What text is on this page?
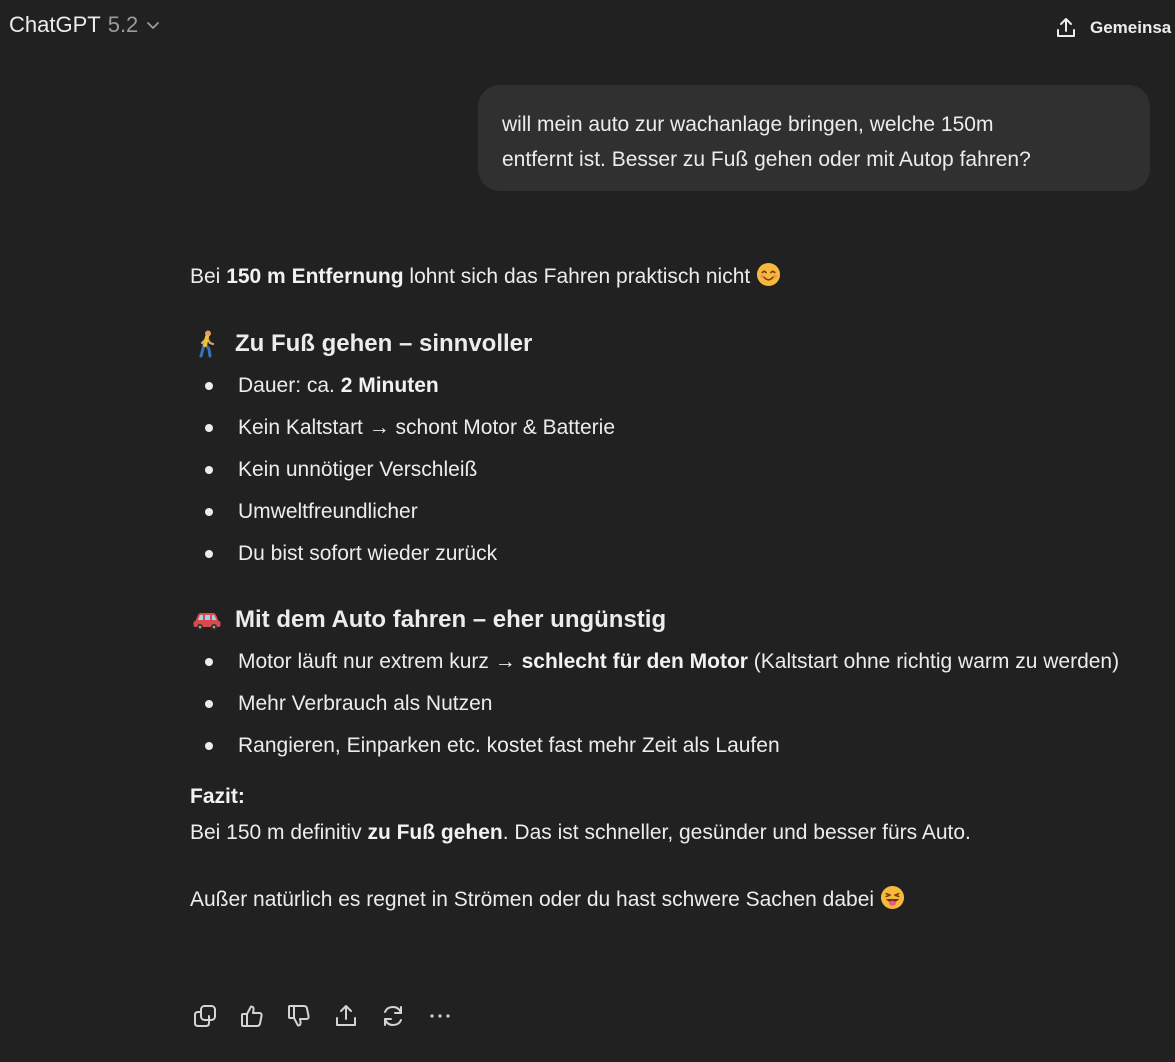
ChatGPT 5.2	Gemeinsa
will mein auto zur wachanlage bringen, welche 150m
entfernt ist. Besser zu Fuß gehen oder mit Autop fahren?

Bei 150 m Entfernung lohnt sich das Fahren praktisch nicht

Zu Fuß gehen – sinnvoller
Dauer: ca. 2 Minuten
Kein Kaltstart → schont Motor & Batterie
Kein unnötiger Verschleiß
Umweltfreundlicher
Du bist sofort wieder zurück
Mit dem Auto fahren – eher ungünstig
Motor läuft nur extrem kurz → schlecht für den Motor (Kaltstart ohne richtig warm zu werden)
Mehr Verbrauch als Nutzen
Rangieren, Einparken etc. kostet fast mehr Zeit als Laufen

Fazit:

Bei 150 m definitiv zu Fuß gehen. Das ist schneller, gesünder und besser fürs Auto.

Außer natürlich es regnet in Strömen oder du hast schwere Sachen dabei
